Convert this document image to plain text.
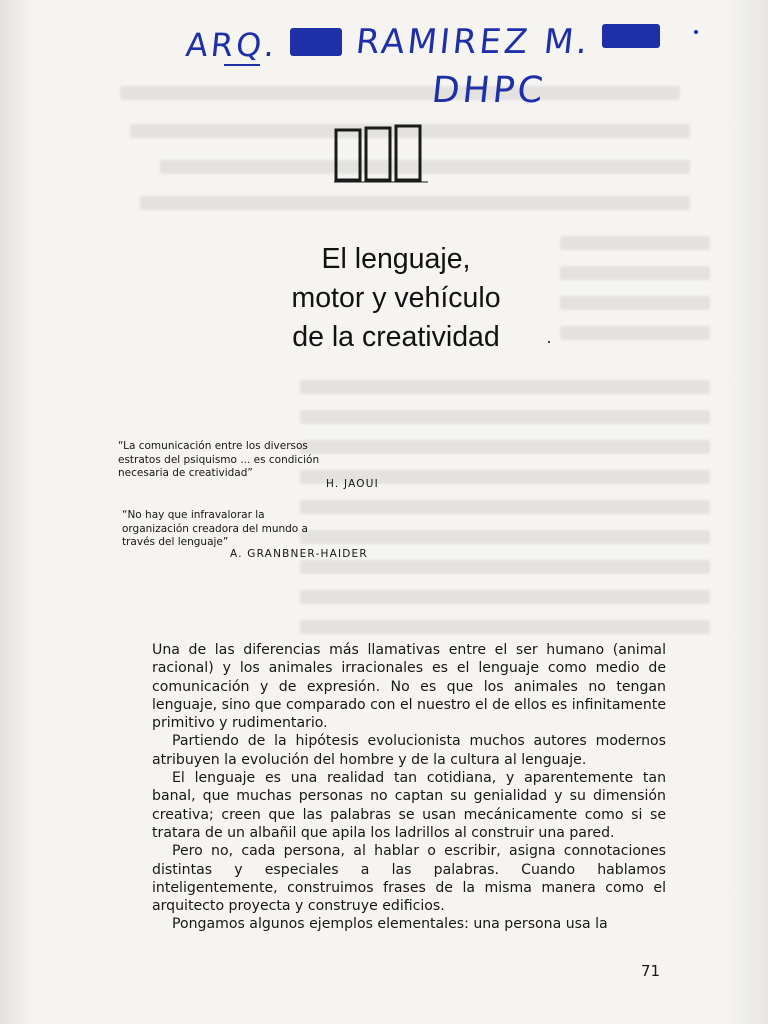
ARQ. RAMIREZ M.
DHPC
El lenguaje,
motor y vehículo
de la creatividad	·
“La comunicación entre los diversos
estratos del psiquismo ... es condición
necesaria de creatividad”
H. JAOUI
“No hay que infravalorar la
organización creadora del mundo a
través del lenguaje”
A. GRANBNER-HAIDER

Una de las diferencias más llamativas entre el ser humano (animal racional) y los animales irracionales es el lenguaje como medio de comunicación y de expresión. No es que los animales no tengan lenguaje, sino que comparado con el nuestro el de ellos es infinitamente primitivo y rudimentario.

Partiendo de la hipótesis evolucionista muchos autores modernos atribuyen la evolución del hombre y de la cultura al lenguaje.

El lenguaje es una realidad tan cotidiana, y aparentemente tan banal, que muchas personas no captan su genialidad y su dimensión creativa; creen que las palabras se usan mecánicamente como si se tratara de un albañil que apila los ladrillos al construir una pared.

Pero no, cada persona, al hablar o escribir, asigna connotaciones distintas y especiales a las palabras. Cuando hablamos inteligentemente, construimos frases de la misma manera como el arquitecto proyecta y construye edificios.

Pongamos algunos ejemplos elementales: una persona usa la

71
